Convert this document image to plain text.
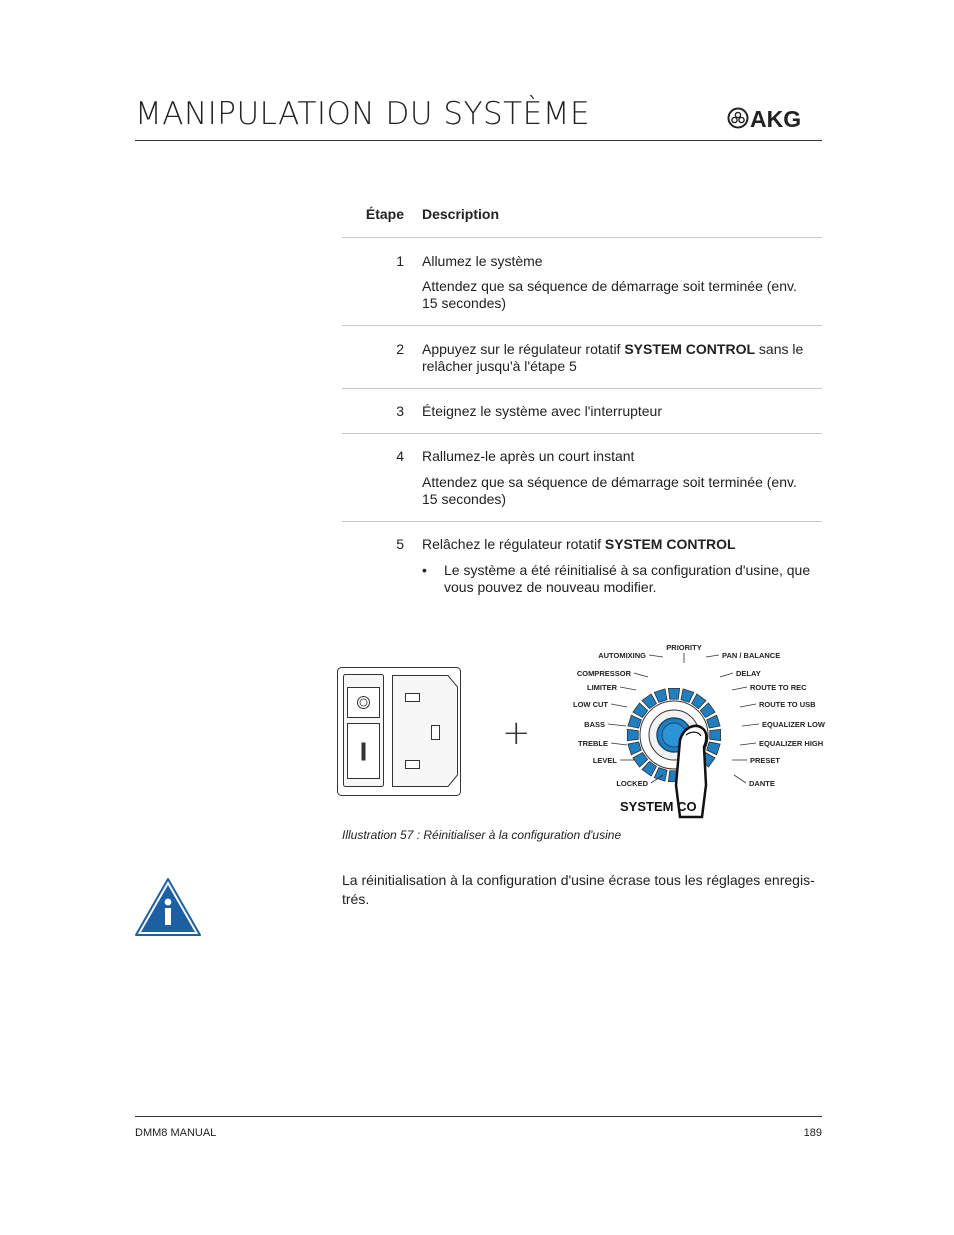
MANIPULATION DU SYSTÈME	AKG
Étape Description
1 Allumez le système
Attendez que sa séquence de démarrage soit terminée (env.
15 secondes)
2 Appuyez sur le régulateur rotatif SYSTEM CONTROL sans le
relâcher jusqu'à l'étape 5
3 Éteignez le système avec l'interrupteur
4 Rallumez-le après un court instant
Attendez que sa séquence de démarrage soit terminée (env.
15 secondes)
5 Relâchez le régulateur rotatif SYSTEM CONTROL
• Le système a été réinitialisé à sa configuration d'usine, que
vous pouvez de nouveau modifier.
+
PRIORITY
AUTOMIXING	PAN / BALANCE
COMPRESSOR	DELAY
LIMITER	ROUTE TO REC
LOW CUT	ROUTE TO USB
BASS	EQUALIZER LOW
TREBLE	EQUALIZER HIGH
LEVEL	PRESET
LOCKED	DANTE
SYSTEM CO
Illustration 57 : Réinitialiser à la configuration d'usine
La réinitialisation à la configuration d'usine écrase tous les réglages enregis-
trés.
DMM8 MANUAL	189
